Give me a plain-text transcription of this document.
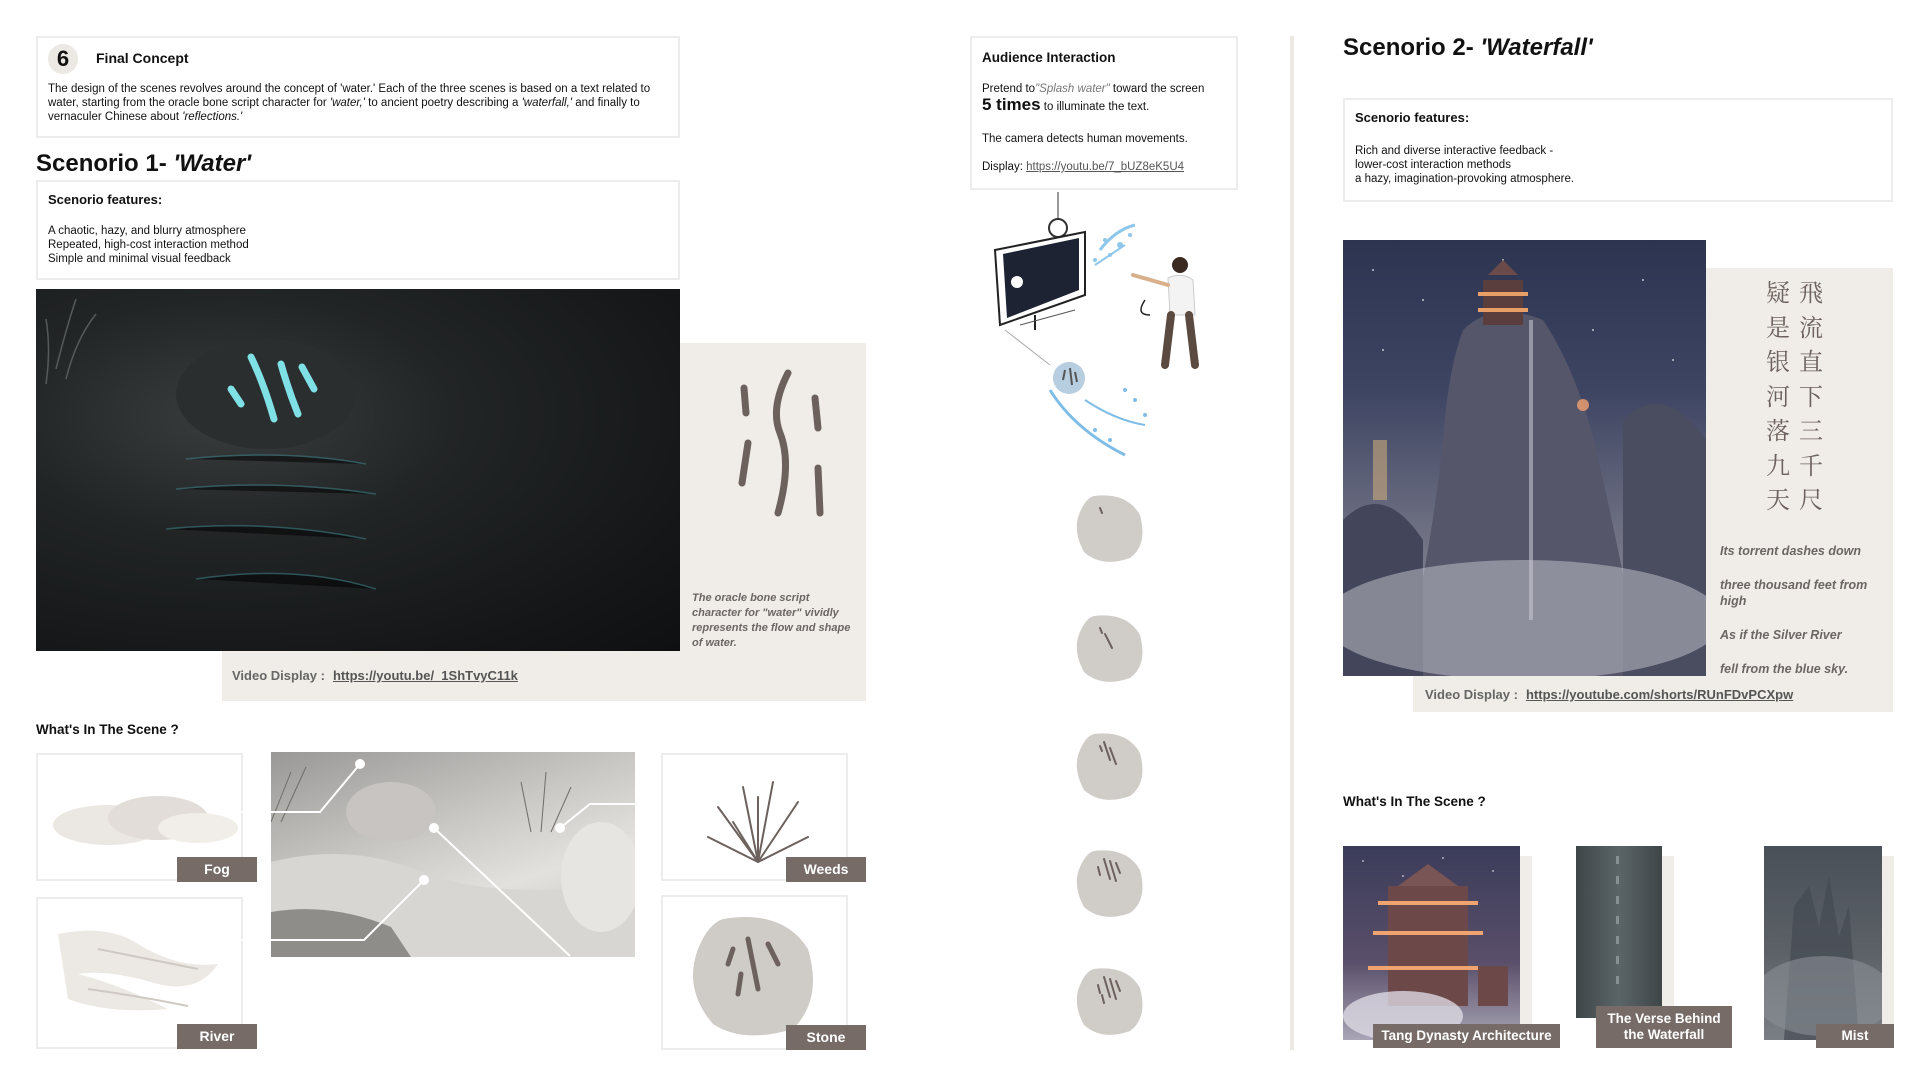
6	Final Concept
The design of the scenes revolves around the concept of 'water.' Each of the three scenes is based on a text related to water, starting from the oracle bone script character for 'water,' to ancient poetry describing a 'waterfall,' and finally to vernaculer Chinese about 'reflections.'
Scenorio 1- 'Water'
Scenorio features:
A chaotic, hazy, and blurry atmosphere
Repeated, high-cost interaction method
Simple and minimal visual feedback
The oracle bone script character for "water" vividly represents the flow and shape of water.
Video Display : https://youtu.be/_1ShTvyC11k
What's In The Scene ?
Fog
River
Weeds
Stone
Audience Interaction
Pretend to"Splash water" toward the screen
5 times to illuminate the text.
The camera detects human movements.
Display: https://youtu.be/7_bUZ8eK5U4
Scenorio 2- 'Waterfall'
Scenorio features:
Rich and diverse interactive feedback -
lower-cost interaction methods
a hazy, imagination-provoking atmosphere.
飛
流
直
下
三
千
尺
疑
是
银
河
落
九
天
Its torrent dashes down
three thousand feet from high
As if the Silver River
fell from the blue sky.
Video Display : https://youtube.com/shorts/RUnFDvPCXpw
What's In The Scene ?
Tang Dynasty Architecture
The Verse Behind the Waterfall	Mist
